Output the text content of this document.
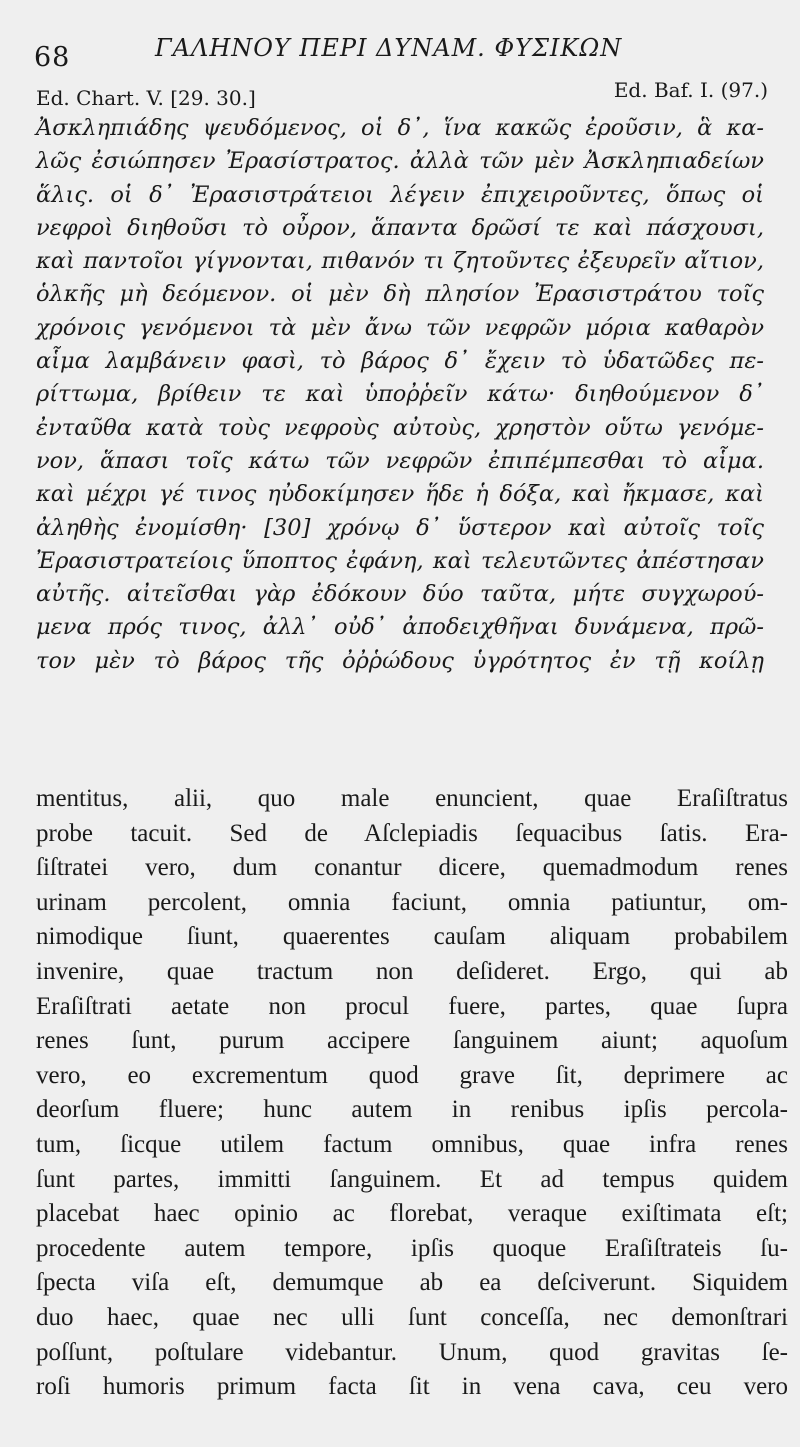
68	ΓΑΛΗΝΟΥ ΠΕΡΙ ΔΥΝΑΜ. ΦΥΣΙΚΩΝ
Ed. Chart. V. [29. 30.]	Ed. Baf. I. (97.)
Ἀσκληπιάδης ψευδόμενος, οἱ δ᾽, ἵνα κακῶς ἐροῦσιν, ἃ κα-
λῶς ἐσιώπησεν Ἐρασίστρατος. ἀλλὰ τῶν μὲν Ἀσκληπιαδείων
ἅλις. οἱ δ᾽ Ἐρασιστράτειοι λέγειν ἐπιχειροῦντες, ὅπως οἱ
νεφροὶ διηθοῦσι τὸ οὖρον, ἅπαντα δρῶσί τε καὶ πάσχουσι,
καὶ παντοῖοι γίγνονται, πιθανόν τι ζητοῦντες ἐξευρεῖν αἴτιον,
ὁλκῆς μὴ δεόμενον. οἱ μὲν δὴ πλησίον Ἐρασιστράτου τοῖς
χρόνοις γενόμενοι τὰ μὲν ἄνω τῶν νεφρῶν μόρια καθαρὸν
αἷμα λαμβάνειν φασὶ, τὸ βάρος δ᾽ ἔχειν τὸ ὑδατῶδες πε-
ρίττωμα, βρίθειν τε καὶ ὑποῤῥεῖν κάτω· διηθούμενον δ᾽
ἐνταῦθα κατὰ τοὺς νεφροὺς αὐτοὺς, χρηστὸν οὕτω γενόμε-
νον, ἅπασι τοῖς κάτω τῶν νεφρῶν ἐπιπέμπεσθαι τὸ αἷμα.
καὶ μέχρι γέ τινος ηὐδοκίμησεν ἥδε ἡ δόξα, καὶ ἤκμασε, καὶ
ἀληθὴς ἐνομίσθη· [30] χρόνῳ δ᾽ ὕστερον καὶ αὐτοῖς τοῖς
Ἐρασιστρατείοις ὕποπτος ἐφάνη, καὶ τελευτῶντες ἀπέστησαν
αὐτῆς. αἰτεῖσθαι γὰρ ἐδόκουν δύο ταῦτα, μήτε συγχωρού-
μενα πρός τινος, ἀλλ᾽ οὐδ᾽ ἀποδειχθῆναι δυνάμενα, πρῶ-
τον μὲν τὸ βάρος τῆς ὀῤῥώδους ὑγρότητος ἐν τῇ κοίλῃ
mentitus, alii, quo male enuncient, quae Eraſiſtratus
probe tacuit. Sed de Aſclepiadis ſequacibus ſatis. Era-
ſiſtratei vero, dum conantur dicere, quemadmodum renes
urinam percolent, omnia faciunt, omnia patiuntur, om-
nimodique ſiunt, quaerentes cauſam aliquam probabilem
invenire, quae tractum non deſideret. Ergo, qui ab
Eraſiſtrati aetate non procul fuere, partes, quae ſupra
renes ſunt, purum accipere ſanguinem aiunt; aquoſum
vero, eo excrementum quod grave ſit, deprimere ac
deorſum fluere; hunc autem in renibus ipſis percola-
tum, ſicque utilem factum omnibus, quae infra renes
ſunt partes, immitti ſanguinem. Et ad tempus quidem
placebat haec opinio ac florebat, veraque exiſtimata eſt;
procedente autem tempore, ipſis quoque Eraſiſtrateis ſu-
ſpecta viſa eſt, demumque ab ea deſciverunt. Siquidem
duo haec, quae nec ulli ſunt conceſſa, nec demonſtrari
poſſunt, poſtulare videbantur. Unum, quod gravitas ſe-
roſi humoris primum facta ſit in vena cava, ceu vero
